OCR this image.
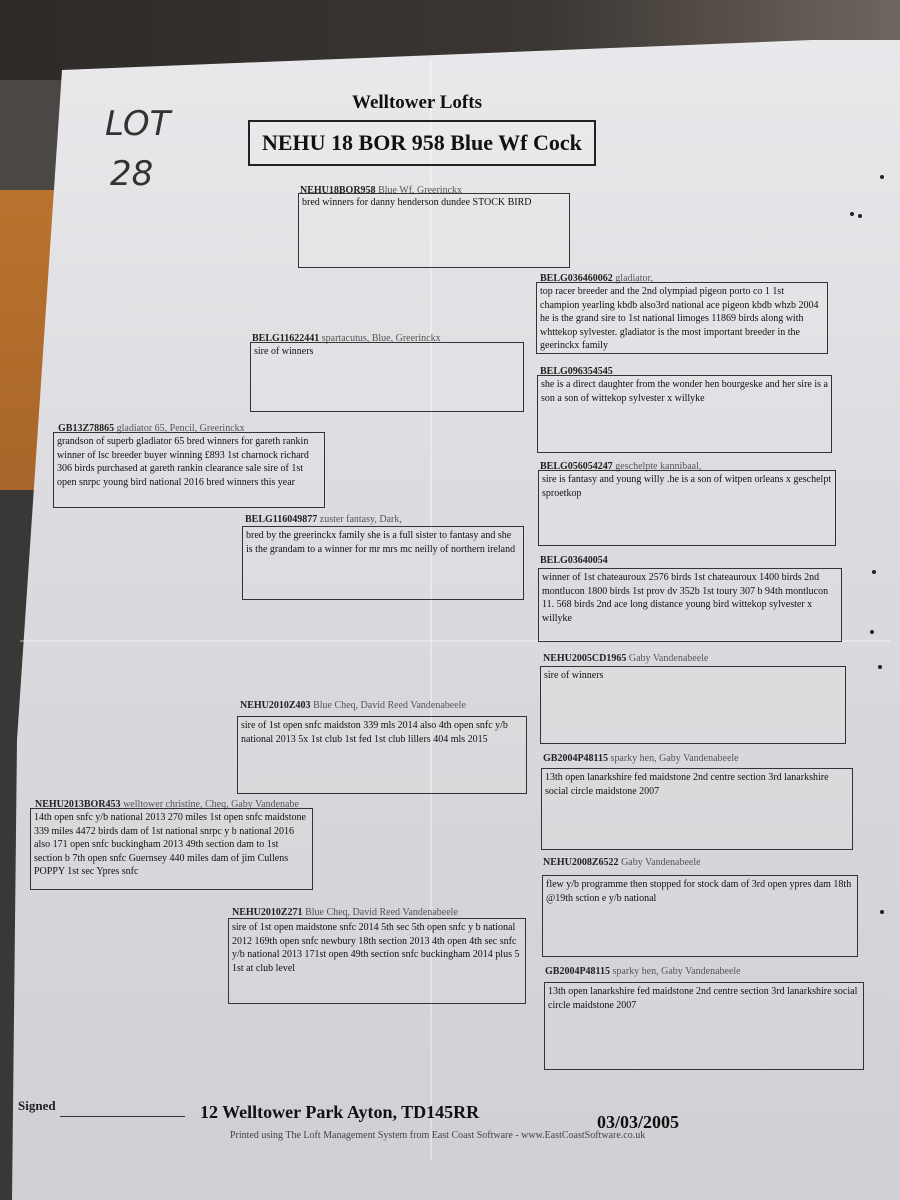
LOT
28
Welltower Lofts
NEHU 18 BOR 958 Blue Wf Cock
NEHU18BOR958 Blue Wf, Greerinckx
bred winners for danny henderson dundee STOCK BIRD
BELG11622441 spartacutus, Blue, Greerinckx
sire of winners
GB13Z78865 gladiator 65, Pencil, Greerinckx
grandson of superb gladiator 65 bred winners for gareth rankin winner of lsc breeder buyer winning £893 1st charnock richard 306 birds purchased at gareth rankin clearance sale sire of 1st open snrpc young bird national 2016 bred winners this year
BELG116049877 zuster fantasy, Dark,
bred by the greerinckx family she is a full sister to fantasy and she is the grandam to a winner for mr mrs mc neilly of northern ireland
BELG036460062 gladiator,
top racer breeder and the 2nd olympiad pigeon porto co 1 1st champion yearling kbdb also3rd national ace pigeon kbdb whzb 2004 he is the grand sire to 1st national limoges 11869 birds along with whttekop sylvester. gladiator is the most important breeder in the geerinckx family
BELG096354545
she is a direct daughter from the wonder hen bourgeske and her sire is a son a son of wittekop sylvester x willyke
BELG056054247 geschelpte kannibaal,
sire is fantasy and young willy .he is a son of witpen orleans x geschelpt sproetkop
BELG03640054
winner of 1st chateauroux 2576 birds 1st chateauroux 1400 birds 2nd montlucon 1800 birds 1st prov dv 352b 1st toury 307 b 94th montlucon 11. 568 birds 2nd ace long distance young bird wittekop sylvester x willyke
NEHU2010Z403 Blue Cheq, David Reed Vandenabeele
sire of 1st open snfc maidston 339 mls 2014 also 4th open snfc y/b national 2013 5x 1st club 1st fed 1st club lillers 404 mls 2015
NEHU2013BOR453 welltower christine, Cheq, Gaby Vandenabe
14th open snfc y/b national 2013 270 miles 1st open snfc maidstone 339 miles 4472 birds dam of 1st national snrpc y b national 2016 also 171 open snfc buckingham 2013 49th section dam to 1st section b 7th open snfc Guernsey 440 miles dam of jim Cullens POPPY 1st sec Ypres snfc
NEHU2010Z271 Blue Cheq, David Reed Vandenabeele
sire of 1st open maidstone snfc 2014 5th sec 5th open snfc y b national 2012 169th open snfc newbury 18th section 2013 4th open 4th sec snfc y/b national 2013 171st open 49th section snfc buckingham 2014 plus 5 1st at club level
NEHU2005CD1965 Gaby Vandenabeele
sire of winners
GB2004P48115 sparky hen, Gaby Vandenabeele
13th open lanarkshire fed maidstone 2nd centre section 3rd lanarkshire social circle maidstone 2007
NEHU2008Z6522 Gaby Vandenabeele
flew y/b programme then stopped for stock dam of 3rd open ypres dam 18th @19th sction e y/b national
GB2004P48115 sparky hen, Gaby Vandenabeele
13th open lanarkshire fed maidstone 2nd centre section 3rd lanarkshire social circle maidstone 2007
Signed	12 Welltower Park Ayton, TD145RR	03/03/2005
Printed using The Loft Management System from East Coast Software - www.EastCoastSoftware.co.uk
